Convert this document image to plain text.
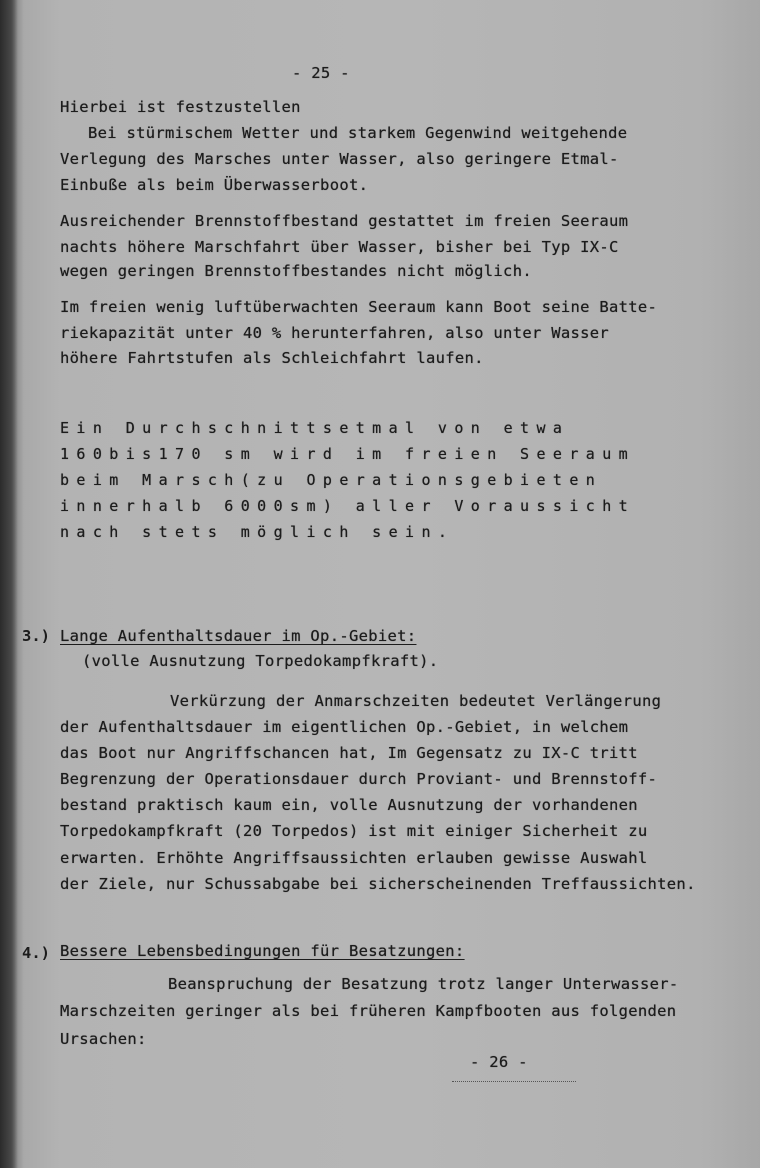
- 25 -
Hierbei ist festzustellen
Bei stürmischem Wetter und starkem Gegenwind weitgehende
Verlegung des Marsches unter Wasser, also geringere Etmal-
Einbuße als beim Überwasserboot.
Ausreichender Brennstoffbestand gestattet im freien Seeraum
nachts höhere Marschfahrt über Wasser, bisher bei Typ IX-C
wegen geringen Brennstoffbestandes nicht möglich.
Im freien wenig luftüberwachten Seeraum kann Boot seine Batte-
riekapazität unter 40 % herunterfahren, also unter Wasser
höhere Fahrtstufen als Schleichfahrt laufen.
Ein Durchschnittsetmal von etwa
160bis170 sm wird im freien Seeraum
beim Marsch(zu Operationsgebieten
innerhalb 6000sm) aller Voraussicht
nach stets möglich sein.
3.) Lange Aufenthaltsdauer im Op.-Gebiet:
(volle Ausnutzung Torpedokampfkraft).
Verkürzung der Anmarschzeiten bedeutet Verlängerung
der Aufenthaltsdauer im eigentlichen Op.-Gebiet, in welchem
das Boot nur Angriffschancen hat, Im Gegensatz zu IX-C tritt
Begrenzung der Operationsdauer durch Proviant- und Brennstoff-
bestand praktisch kaum ein, volle Ausnutzung der vorhandenen
Torpedokampfkraft (20 Torpedos) ist mit einiger Sicherheit zu
erwarten. Erhöhte Angriffsaussichten erlauben gewisse Auswahl
der Ziele, nur Schussabgabe bei sicherscheinenden Treffaussichten.
4.) Bessere Lebensbedingungen für Besatzungen:
Beanspruchung der Besatzung trotz langer Unterwasser-
Marschzeiten geringer als bei früheren Kampfbooten aus folgenden
Ursachen:
- 26 -
